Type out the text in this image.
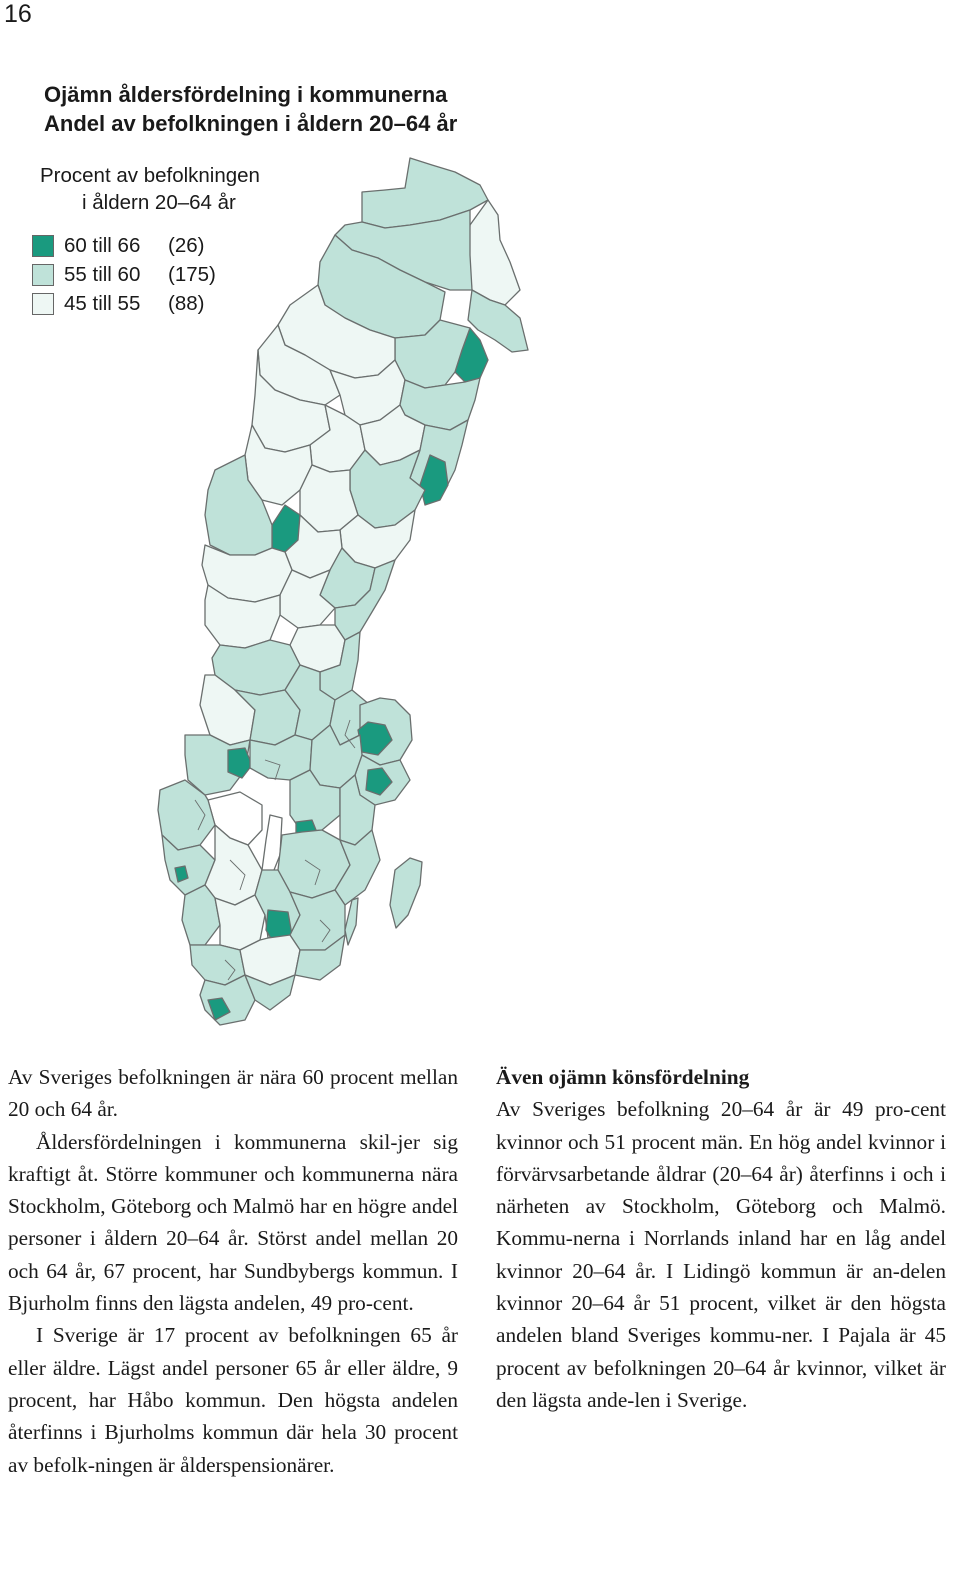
16
Ojämn åldersfördelning i kommunerna
Andel av befolkningen i åldern 20–64 år
Procent av befolkningen
i åldern 20–64 år
60 till 66	(26)
55 till 60	(175)
45 till 55	(88)

Av Sveriges befolkningen är nära 60 procent mellan 20 och 64 år.

Åldersfördelningen i kommunerna skil-jer sig kraftigt åt. Större kommuner och kommunerna nära Stockholm, Göteborg och Malmö har en högre andel personer i åldern 20–64 år. Störst andel mellan 20 och 64 år, 67 procent, har Sundbybergs kommun. I Bjurholm finns den lägsta andelen, 49 pro-cent.

I Sverige är 17 procent av befolkningen 65 år eller äldre. Lägst andel personer 65 år eller äldre, 9 procent, har Håbo kommun. Den högsta andelen återfinns i Bjurholms kommun där hela 30 procent av befolk-ningen är ålderspensionärer.

Även ojämn könsfördelning

Av Sveriges befolkning 20–64 år är 49 pro-cent kvinnor och 51 procent män. En hög andel kvinnor i förvärvsarbetande åldrar (20–64 år) återfinns i och i närheten av Stockholm, Göteborg och Malmö. Kommu-nerna i Norrlands inland har en låg andel kvinnor 20–64 år. I Lidingö kommun är an-delen kvinnor 20–64 år 51 procent, vilket är den högsta andelen bland Sveriges kommu-ner. I Pajala är 45 procent av befolkningen 20–64 år kvinnor, vilket är den lägsta ande-len i Sverige.
